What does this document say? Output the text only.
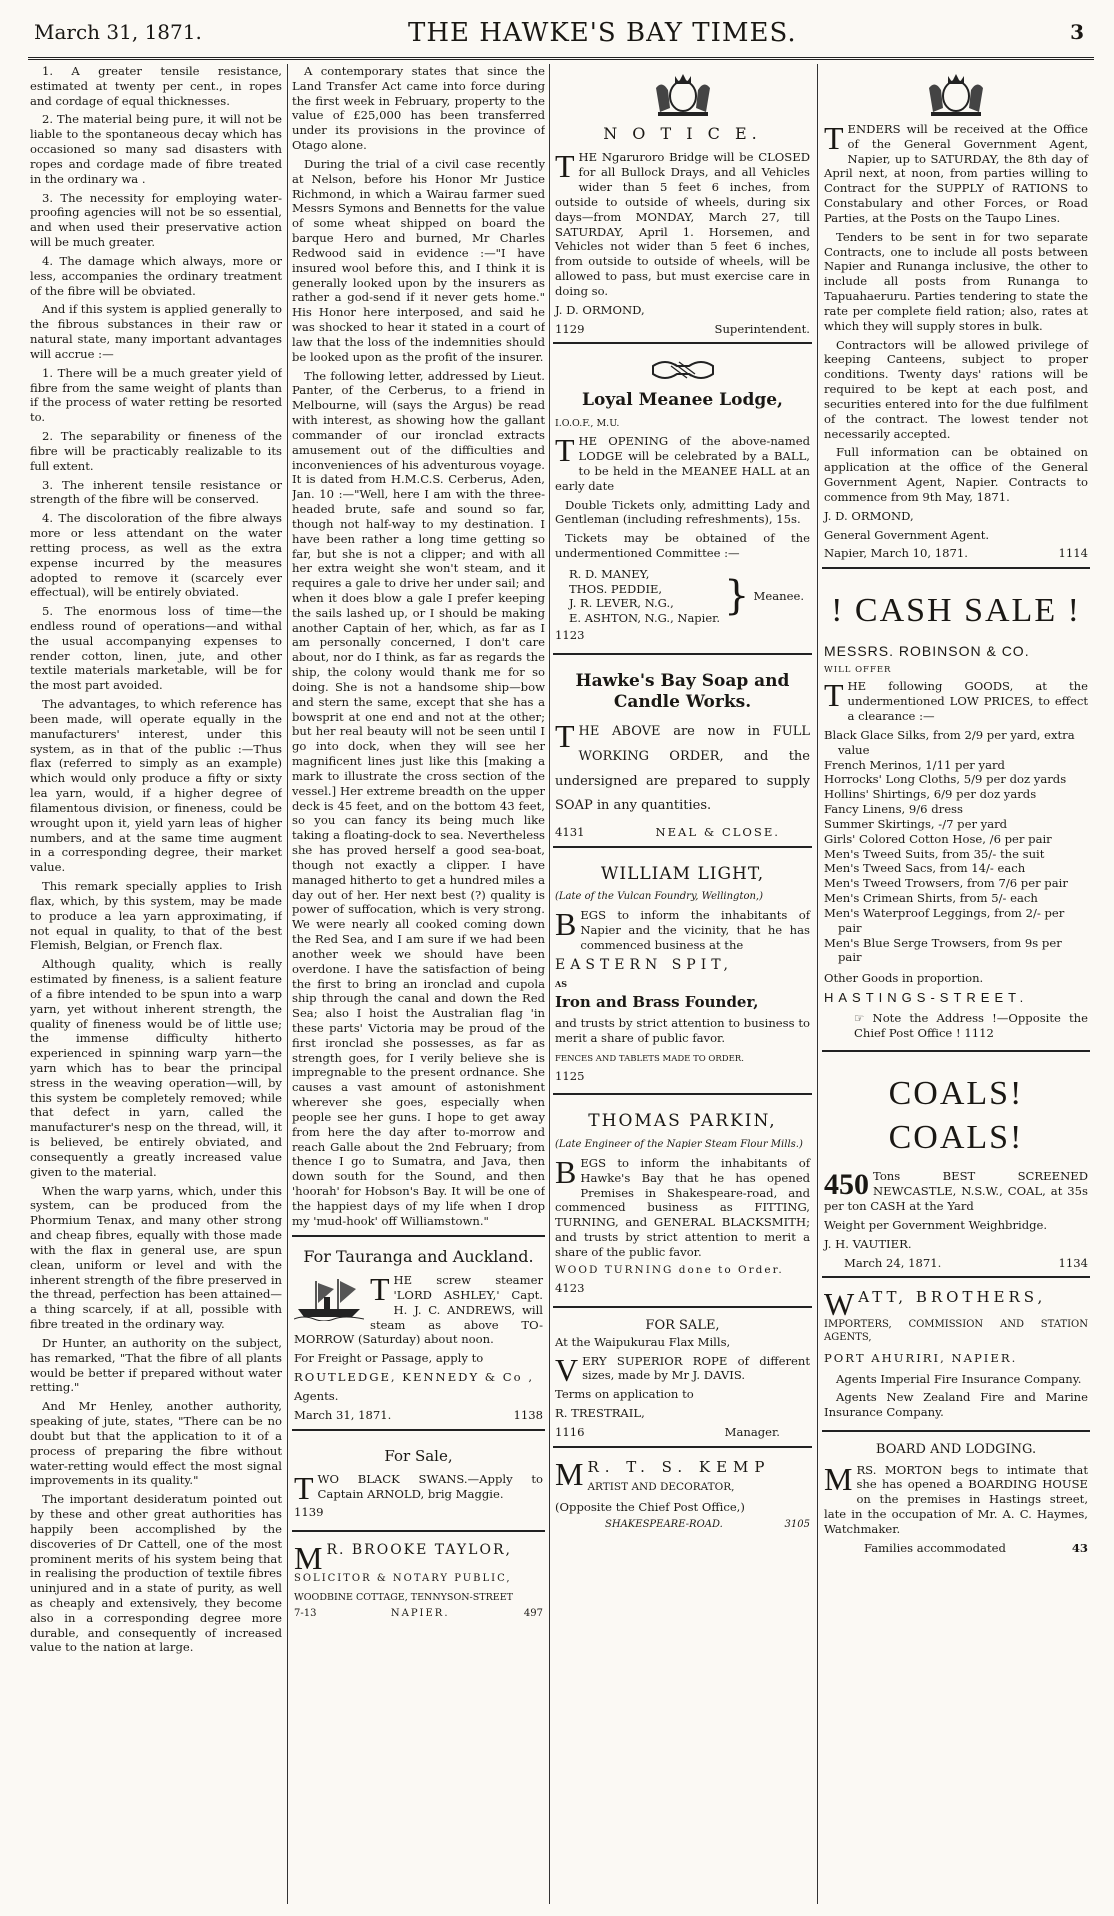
March 31, 1871.	THE HAWKE'S BAY TIMES.	3

1. A greater tensile resistance, estimated at twenty per cent., in ropes and cordage of equal thicknesses.

2. The material being pure, it will not be liable to the spontaneous decay which has occasioned so many sad disasters with ropes and cordage made of fibre treated in the ordinary wa .

3. The necessity for employing water-proofing agencies will not be so essential, and when used their preservative action will be much greater.

4. The damage which always, more or less, accompanies the ordinary treatment of the fibre will be obviated.

And if this system is applied generally to the fibrous substances in their raw or natural state, many important advantages will accrue :—

1. There will be a much greater yield of fibre from the same weight of plants than if the process of water retting be resorted to.

2. The separability or fineness of the fibre will be practicably realizable to its full extent.

3. The inherent tensile resistance or strength of the fibre will be conserved.

4. The discoloration of the fibre always more or less attendant on the water retting process, as well as the extra expense incurred by the measures adopted to remove it (scarcely ever effectual), will be entirely obviated.

5. The enormous loss of time—the endless round of operations—and withal the usual accompanying expenses to render cotton, linen, jute, and other textile materials marketable, will be for the most part avoided.

The advantages, to which reference has been made, will operate equally in the manufacturers' interest, under this system, as in that of the public :—Thus flax (referred to simply as an example) which would only produce a fifty or sixty lea yarn, would, if a higher degree of filamentous division, or fineness, could be wrought upon it, yield yarn leas of higher numbers, and at the same time augment in a corresponding degree, their market value.

This remark specially applies to Irish flax, which, by this system, may be made to produce a lea yarn approximating, if not equal in quality, to that of the best Flemish, Belgian, or French flax.

Although quality, which is really estimated by fineness, is a salient feature of a fibre intended to be spun into a warp yarn, yet without inherent strength, the quality of fineness would be of little use; the immense difficulty hitherto experienced in spinning warp yarn—the yarn which has to bear the principal stress in the weaving operation—will, by this system be completely removed; while that defect in yarn, called the manufacturer's nesp on the thread, will, it is believed, be entirely obviated, and consequently a greatly increased value given to the material.

When the warp yarns, which, under this system, can be produced from the Phormium Tenax, and many other strong and cheap fibres, equally with those made with the flax in general use, are spun clean, uniform or level and with the inherent strength of the fibre preserved in the thread, perfection has been attained—a thing scarcely, if at all, possible with fibre treated in the ordinary way.

Dr Hunter, an authority on the subject, has remarked, "That the fibre of all plants would be better if prepared without water retting."

And Mr Henley, another authority, speaking of jute, states, "There can be no doubt but that the application to it of a process of preparing the fibre without water-retting would effect the most signal improvements in its quality."

The important desideratum pointed out by these and other great authorities has happily been accomplished by the discoveries of Dr Cattell, one of the most prominent merits of his system being that in realising the production of textile fibres uninjured and in a state of purity, as well as cheaply and extensively, they become also in a corresponding degree more durable, and consequently of increased value to the nation at large.

A contemporary states that since the Land Transfer Act came into force during the first week in February, property to the value of £25,000 has been transferred under its provisions in the province of Otago alone.

During the trial of a civil case recently at Nelson, before his Honor Mr Justice Richmond, in which a Wairau farmer sued Messrs Symons and Bennetts for the value of some wheat shipped on board the barque Hero and burned, Mr Charles Redwood said in evidence :—"I have insured wool before this, and I think it is generally looked upon by the insurers as rather a god-send if it never gets home." His Honor here interposed, and said he was shocked to hear it stated in a court of law that the loss of the indemnities should be looked upon as the profit of the insurer.

The following letter, addressed by Lieut. Panter, of the Cerberus, to a friend in Melbourne, will (says the Argus) be read with interest, as showing how the gallant commander of our ironclad extracts amusement out of the difficulties and inconveniences of his adventurous voyage. It is dated from H.M.C.S. Cerberus, Aden, Jan. 10 :—"Well, here I am with the three-headed brute, safe and sound so far, though not half-way to my destination. I have been rather a long time getting so far, but she is not a clipper; and with all her extra weight she won't steam, and it requires a gale to drive her under sail; and when it does blow a gale I prefer keeping the sails lashed up, or I should be making another Captain of her, which, as far as I am personally concerned, I don't care about, nor do I think, as far as regards the ship, the colony would thank me for so doing. She is not a handsome ship—bow and stern the same, except that she has a bowsprit at one end and not at the other; but her real beauty will not be seen until I go into dock, when they will see her magnificent lines just like this [making a mark to illustrate the cross section of the vessel.] Her extreme breadth on the upper deck is 45 feet, and on the bottom 43 feet, so you can fancy its being much like taking a floating-dock to sea. Nevertheless she has proved herself a good sea-boat, though not exactly a clipper. I have managed hitherto to get a hundred miles a day out of her. Her next best (?) quality is power of suffocation, which is very strong. We were nearly all cooked coming down the Red Sea, and I am sure if we had been another week we should have been overdone. I have the satisfaction of being the first to bring an ironclad and cupola ship through the canal and down the Red Sea; also I hoist the Australian flag 'in these parts' Victoria may be proud of the first ironclad she possesses, as far as strength goes, for I verily believe she is impregnable to the present ordnance. She causes a vast amount of astonishment wherever she goes, especially when people see her guns. I hope to get away from here the day after to-morrow and reach Galle about the 2nd February; from thence I go to Sumatra, and Java, then down south for the Sound, and then 'hoorah' for Hobson's Bay. It will be one of the happiest days of my life when I drop my 'mud-hook' off Williamstown."

For Tauranga and Auckland.

THE screw steamer 'LORD ASHLEY,' Capt. H. J. C. ANDREWS, will steam as above TO-MORROW (Saturday) about noon.

For Freight or Passage, apply to

ROUTLEDGE, KENNEDY & Co ,

Agents.

March 31, 1871.	1138
For Sale,

TWO BLACK SWANS.—Apply to Captain ARNOLD, brig Maggie.

1139

M R. BROOKE TAYLOR,

SOLICITOR & NOTARY PUBLIC,

WOODBINE COTTAGE, TENNYSON-STREET

7-13	NAPIER.	497
N O T I C E.

THE Ngaruroro Bridge will be CLOSED for all Bullock Drays, and all Vehicles wider than 5 feet 6 inches, from outside to outside of wheels, during six days—from MONDAY, March 27, till SATURDAY, April 1. Horsemen, and Vehicles not wider than 5 feet 6 inches, from outside to outside of wheels, will be allowed to pass, but must exercise care in doing so.

J. D. ORMOND,

1129	Superintendent.
Loyal Meanee Lodge,

I.O.O.F., M.U.

THE OPENING of the above-named LODGE will be celebrated by a BALL, to be held in the MEANEE HALL at an early date

Double Tickets only, admitting Lady and Gentleman (including refreshments), 15s.

Tickets may be obtained of the undermentioned Committee :—

R. D. MANEY,
THOS. PEDDIE,
J. R. LEVER, N.G.,
E. ASHTON, N.G., Napier. } Meanee.

1123

Hawke's Bay Soap and Candle Works.

THE ABOVE are now in FULL WORKING ORDER, and the undersigned are prepared to supply SOAP in any quantities.

4131	NEAL & CLOSE.
WILLIAM LIGHT,

(Late of the Vulcan Foundry, Wellington,)

BEGS to inform the inhabitants of Napier and the vicinity, that he has commenced business at the

EASTERN SPIT,

AS

Iron and Brass Founder,

and trusts by strict attention to business to merit a share of public favor.

FENCES AND TABLETS MADE TO ORDER.

1125

THOMAS PARKIN,

(Late Engineer of the Napier Steam Flour Mills.)

BEGS to inform the inhabitants of Hawke's Bay that he has opened Premises in Shakespeare-road, and commenced business as FITTING, TURNING, and GENERAL BLACKSMITH; and trusts by strict attention to merit a share of the public favor.

WOOD TURNING done to Order.

4123

FOR SALE,

At the Waipukurau Flax Mills,

VERY SUPERIOR ROPE of different sizes, made by Mr J. DAVIS.

Terms on application to

R. TRESTRAIL,

1116	Manager.

M R. T. S. KEMP

ARTIST AND DECORATOR,

(Opposite the Chief Post Office,)

SHAKESPEARE-ROAD.	3105

TENDERS will be received at the Office of the General Government Agent, Napier, up to SATURDAY, the 8th day of April next, at noon, from parties willing to Contract for the SUPPLY of RATIONS to Constabulary and other Forces, or Road Parties, at the Posts on the Taupo Lines.

Tenders to be sent in for two separate Contracts, one to include all posts between Napier and Runanga inclusive, the other to include all posts from Runanga to Tapuahaeruru. Parties tendering to state the rate per complete field ration; also, rates at which they will supply stores in bulk.

Contractors will be allowed privilege of keeping Canteens, subject to proper conditions. Twenty days' rations will be required to be kept at each post, and securities entered into for the due fulfilment of the contract. The lowest tender not necessarily accepted.

Full information can be obtained on application at the office of the General Government Agent, Napier. Contracts to commence from 9th May, 1871.

J. D. ORMOND,

General Government Agent.

Napier, March 10, 1871.	1114
! CASH SALE !

MESSRS. ROBINSON & CO.

WILL OFFER

THE following GOODS, at the undermentioned LOW PRICES, to effect a clearance :—

Black Glace Silks, from 2/9 per yard, extra value
French Merinos, 1/11 per yard
Horrocks' Long Cloths, 5/9 per doz yards
Hollins' Shirtings, 6/9 per doz yards
Fancy Linens, 9/6 dress
Summer Skirtings, -/7 per yard
Girls' Colored Cotton Hose, /6 per pair
Men's Tweed Suits, from 35/- the suit
Men's Tweed Sacs, from 14/- each
Men's Tweed Trowsers, from 7/6 per pair
Men's Crimean Shirts, from 5/- each
Men's Waterproof Leggings, from 2/- per pair
Men's Blue Serge Trowsers, from 9s per pair

Other Goods in proportion.

HASTINGS-STREET.

☞ Note the Address !—Opposite the Chief Post Office ! 1112

COALS! COALS!

450 Tons BEST SCREENED NEWCASTLE, N.S.W., COAL, at 35s per ton CASH at the Yard

Weight per Government Weighbridge.

J. H. VAUTIER.

March 24, 1871.	1134

WATT, BROTHERS,

IMPORTERS, COMMISSION AND STATION AGENTS,

PORT AHURIRI, NAPIER.

Agents Imperial Fire Insurance Company.

Agents New Zealand Fire and Marine Insurance Company.

BOARD AND LODGING.

MRS. MORTON begs to intimate that she has opened a BOARDING HOUSE on the premises in Hastings street, late in the occupation of Mr. A. C. Haymes, Watchmaker.

Families accommodated	43
